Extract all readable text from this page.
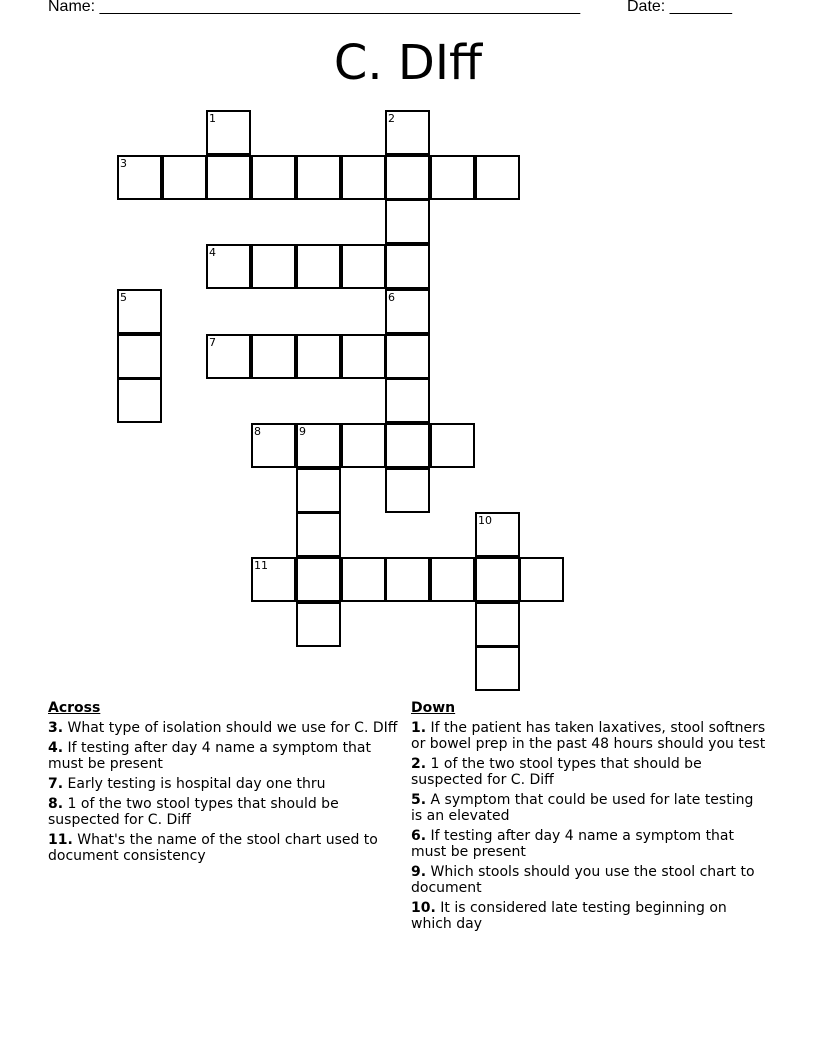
Name: ______________________________________________________	Date: _______
C. DIff
1	2
3
4
5	6
7
8	9
10
11
Across
3. What type of isolation should we use for C. DIff
4. If testing after day 4 name a symptom that must be present
7. Early testing is hospital day one thru
8. 1 of the two stool types that should be suspected for C. Diff
11. What's the name of the stool chart used to document consistency
Down
1. If the patient has taken laxatives, stool softners or bowel prep in the past 48 hours should you test
2. 1 of the two stool types that should be suspected for C. Diff
5. A symptom that could be used for late testing is an elevated
6. If testing after day 4 name a symptom that must be present
9. Which stools should you use the stool chart to document
10. It is considered late testing beginning on which day
